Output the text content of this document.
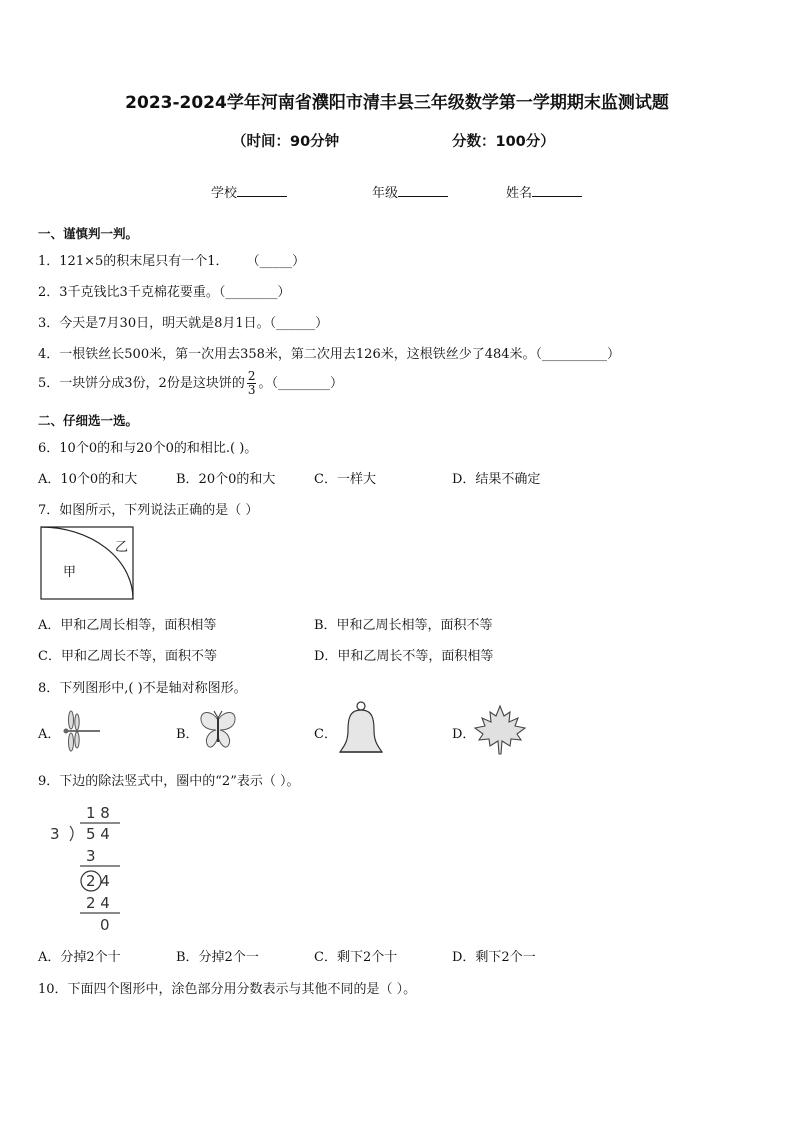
2023-2024学年河南省濮阳市清丰县三年级数学第一学期期末监测试题
（时间：90分钟	分数：100分）
学校	年级	姓名
一、谨慎判一判。
1．121×5的积末尾只有一个1． （_____）
2．3千克钱比3千克棉花要重。（________）
3．今天是7月30日，明天就是8月1日。（______）
4．一根铁丝长500米，第一次用去358米，第二次用去126米，这根铁丝少了484米。（__________）
5．一块饼分成3份，2份是这块饼的 $\frac{2}{3}$ 。（________）
二、仔细选一选。
6．10个0的和与20个0的和相比.( )。
A．10个0的和大	B．20个0的和大	C．一样大	D．结果不确定
7．如图所示，下列说法正确的是（ ）
甲
乙
A．甲和乙周长相等，面积相等	B．甲和乙周长相等，面积不等
C．甲和乙周长不等，面积不等	D．甲和乙周长不等，面积相等
8．下列图形中,( )不是轴对称图形。
A．	B．	C．	D．
9．下边的除法竖式中，圈中的“2”表示（ ）。
1 8
3 5 4
3
2 4
2 4
0
A．分掉2个十	B．分掉2个一	C．剩下2个十	D．剩下2个一
10．下面四个图形中，涂色部分用分数表示与其他不同的是（ ）。
